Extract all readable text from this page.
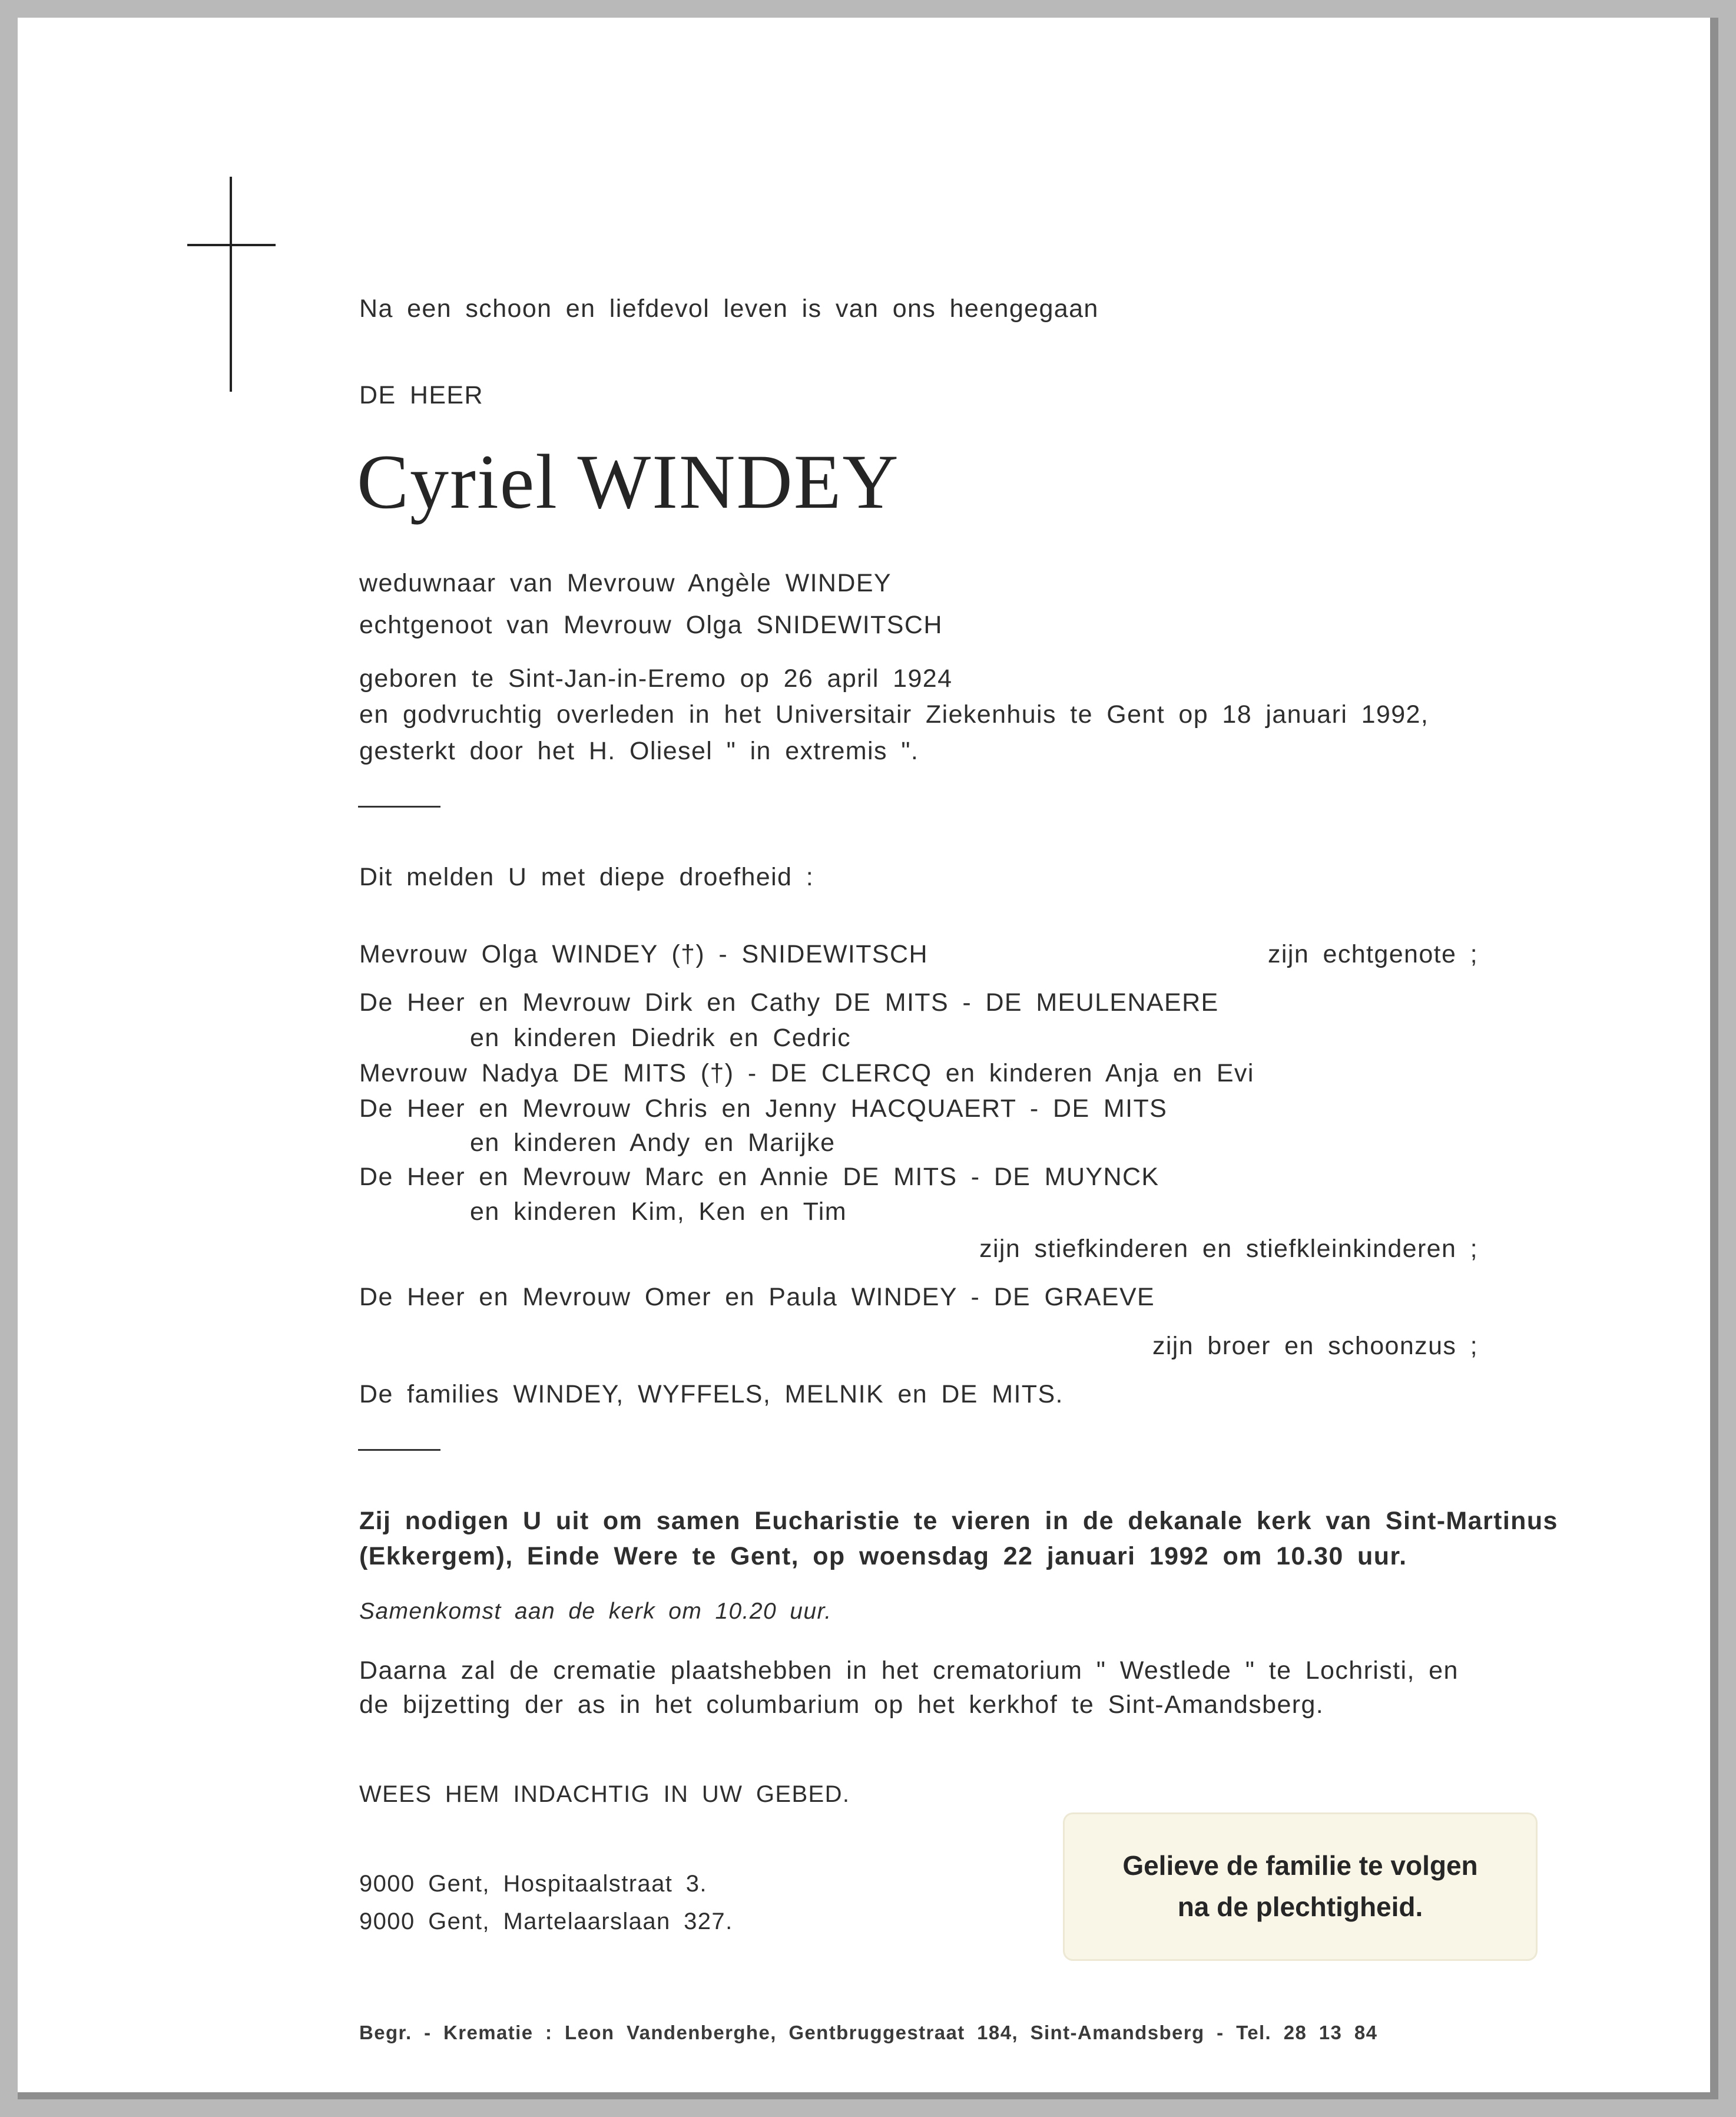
Na een schoon en liefdevol leven is van ons heengegaan
DE HEER
Cyriel WINDEY
weduwnaar van Mevrouw Angèle WINDEY
echtgenoot van Mevrouw Olga SNIDEWITSCH
geboren te Sint-Jan-in-Eremo op 26 april 1924
en godvruchtig overleden in het Universitair Ziekenhuis te Gent op 18 januari 1992,
gesterkt door het H. Oliesel " in extremis ".
Dit melden U met diepe droefheid :
Mevrouw Olga WINDEY (†) - SNIDEWITSCH	zijn echtgenote ;
De Heer en Mevrouw Dirk en Cathy DE MITS - DE MEULENAERE
en kinderen Diedrik en Cedric
Mevrouw Nadya DE MITS (†) - DE CLERCQ en kinderen Anja en Evi
De Heer en Mevrouw Chris en Jenny HACQUAERT - DE MITS
en kinderen Andy en Marijke
De Heer en Mevrouw Marc en Annie DE MITS - DE MUYNCK
en kinderen Kim, Ken en Tim
zijn stiefkinderen en stiefkleinkinderen ;
De Heer en Mevrouw Omer en Paula WINDEY - DE GRAEVE
zijn broer en schoonzus ;
De families WINDEY, WYFFELS, MELNIK en DE MITS.
Zij nodigen U uit om samen Eucharistie te vieren in de dekanale kerk van Sint-Martinus
(Ekkergem), Einde Were te Gent, op woensdag 22 januari 1992 om 10.30 uur.
Samenkomst aan de kerk om 10.20 uur.
Daarna zal de crematie plaatshebben in het crematorium " Westlede " te Lochristi, en
de bijzetting der as in het columbarium op het kerkhof te Sint-Amandsberg.
WEES HEM INDACHTIG IN UW GEBED.
9000 Gent, Hospitaalstraat 3.
9000 Gent, Martelaarslaan 327.
Gelieve de familie te volgen
na de plechtigheid.
Begr. - Krematie : Leon Vandenberghe, Gentbruggestraat 184, Sint-Amandsberg - Tel. 28 13 84
